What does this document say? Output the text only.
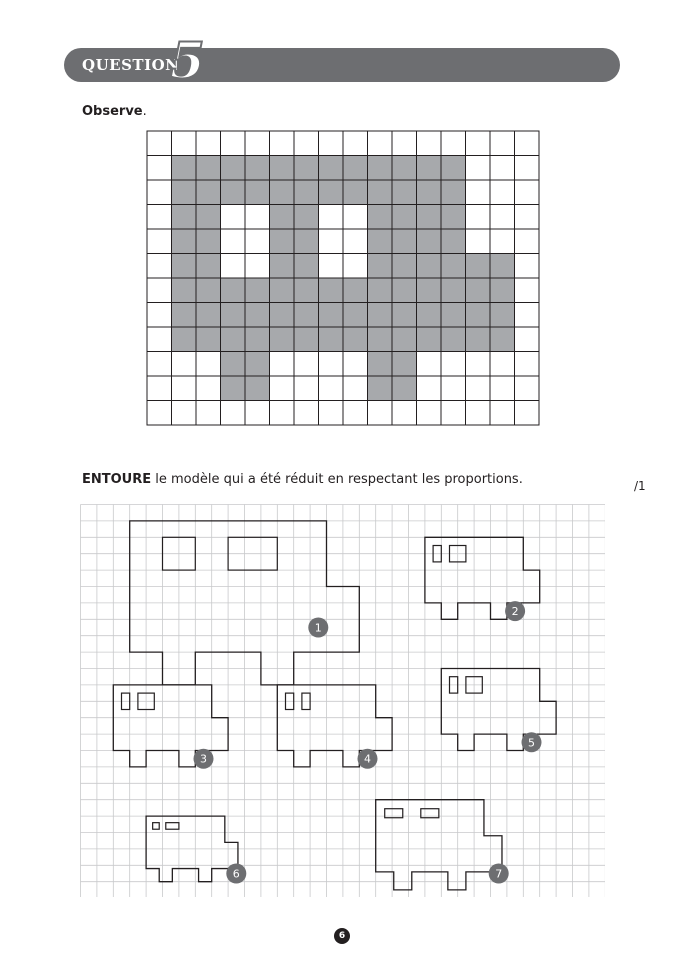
QUESTION
5
Observe.
ENTOURE le modèle qui a été réduit en respectant les proportions.	/1
1
2
3	4
5
6	7
6
